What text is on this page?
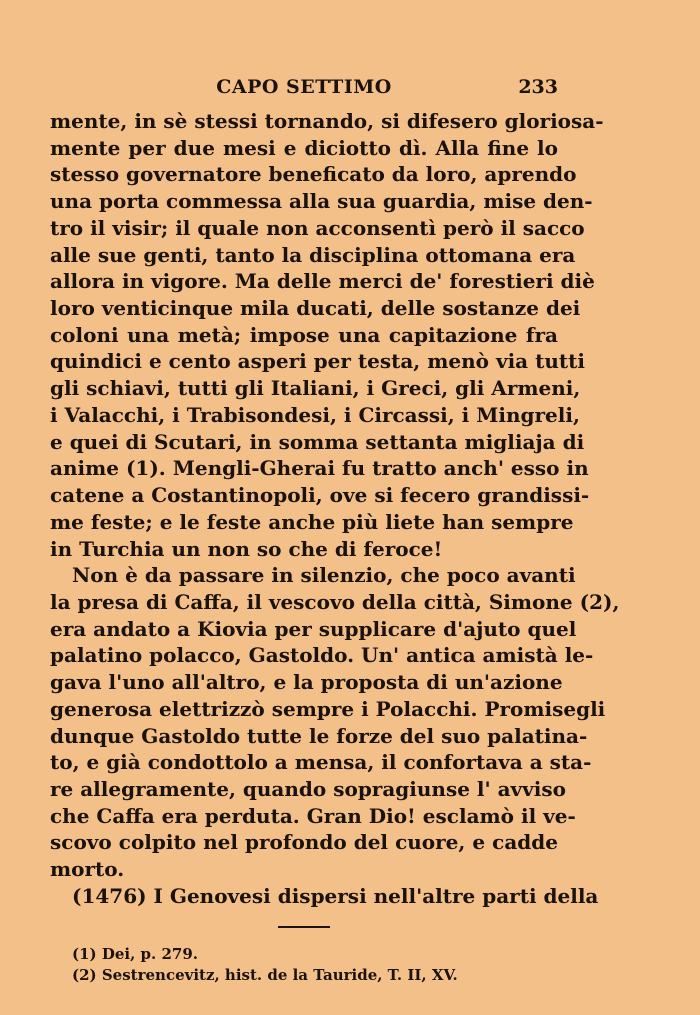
CAPO SETTIMO	233
mente, in sè stessi tornando, si difesero gloriosa-
mente per due mesi e diciotto dì. Alla fine lo
stesso governatore beneficato da loro, aprendo
una porta commessa alla sua guardia, mise den-
tro il visir; il quale non acconsentì però il sacco
alle sue genti, tanto la disciplina ottomana era
allora in vigore. Ma delle merci de' forestieri diè
loro venticinque mila ducati, delle sostanze dei
coloni una metà; impose una capitazione fra
quindici e cento asperi per testa, menò via tutti
gli schiavi, tutti gli Italiani, i Greci, gli Armeni,
i Valacchi, i Trabisondesi, i Circassi, i Mingreli,
e quei di Scutari, in somma settanta migliaja di
anime (1). Mengli-Gherai fu tratto anch' esso in
catene a Costantinopoli, ove si fecero grandissi-
me feste; e le feste anche più liete han sempre
in Turchia un non so che di feroce!
Non è da passare in silenzio, che poco avanti
la presa di Caffa, il vescovo della città, Simone (2),
era andato a Kiovia per supplicare d'ajuto quel
palatino polacco, Gastoldo. Un' antica amistà le-
gava l'uno all'altro, e la proposta di un'azione
generosa elettrizzò sempre i Polacchi. Promisegli
dunque Gastoldo tutte le forze del suo palatina-
to, e già condottolo a mensa, il confortava a sta-
re allegramente, quando sopragiunse l' avviso
che Caffa era perduta. Gran Dio! esclamò il ve-
scovo colpito nel profondo del cuore, e cadde
morto.
(1476) I Genovesi dispersi nell'altre parti della
(1) Dei, p. 279.
(2) Sestrencevitz, hist. de la Tauride, T. II, XV.
